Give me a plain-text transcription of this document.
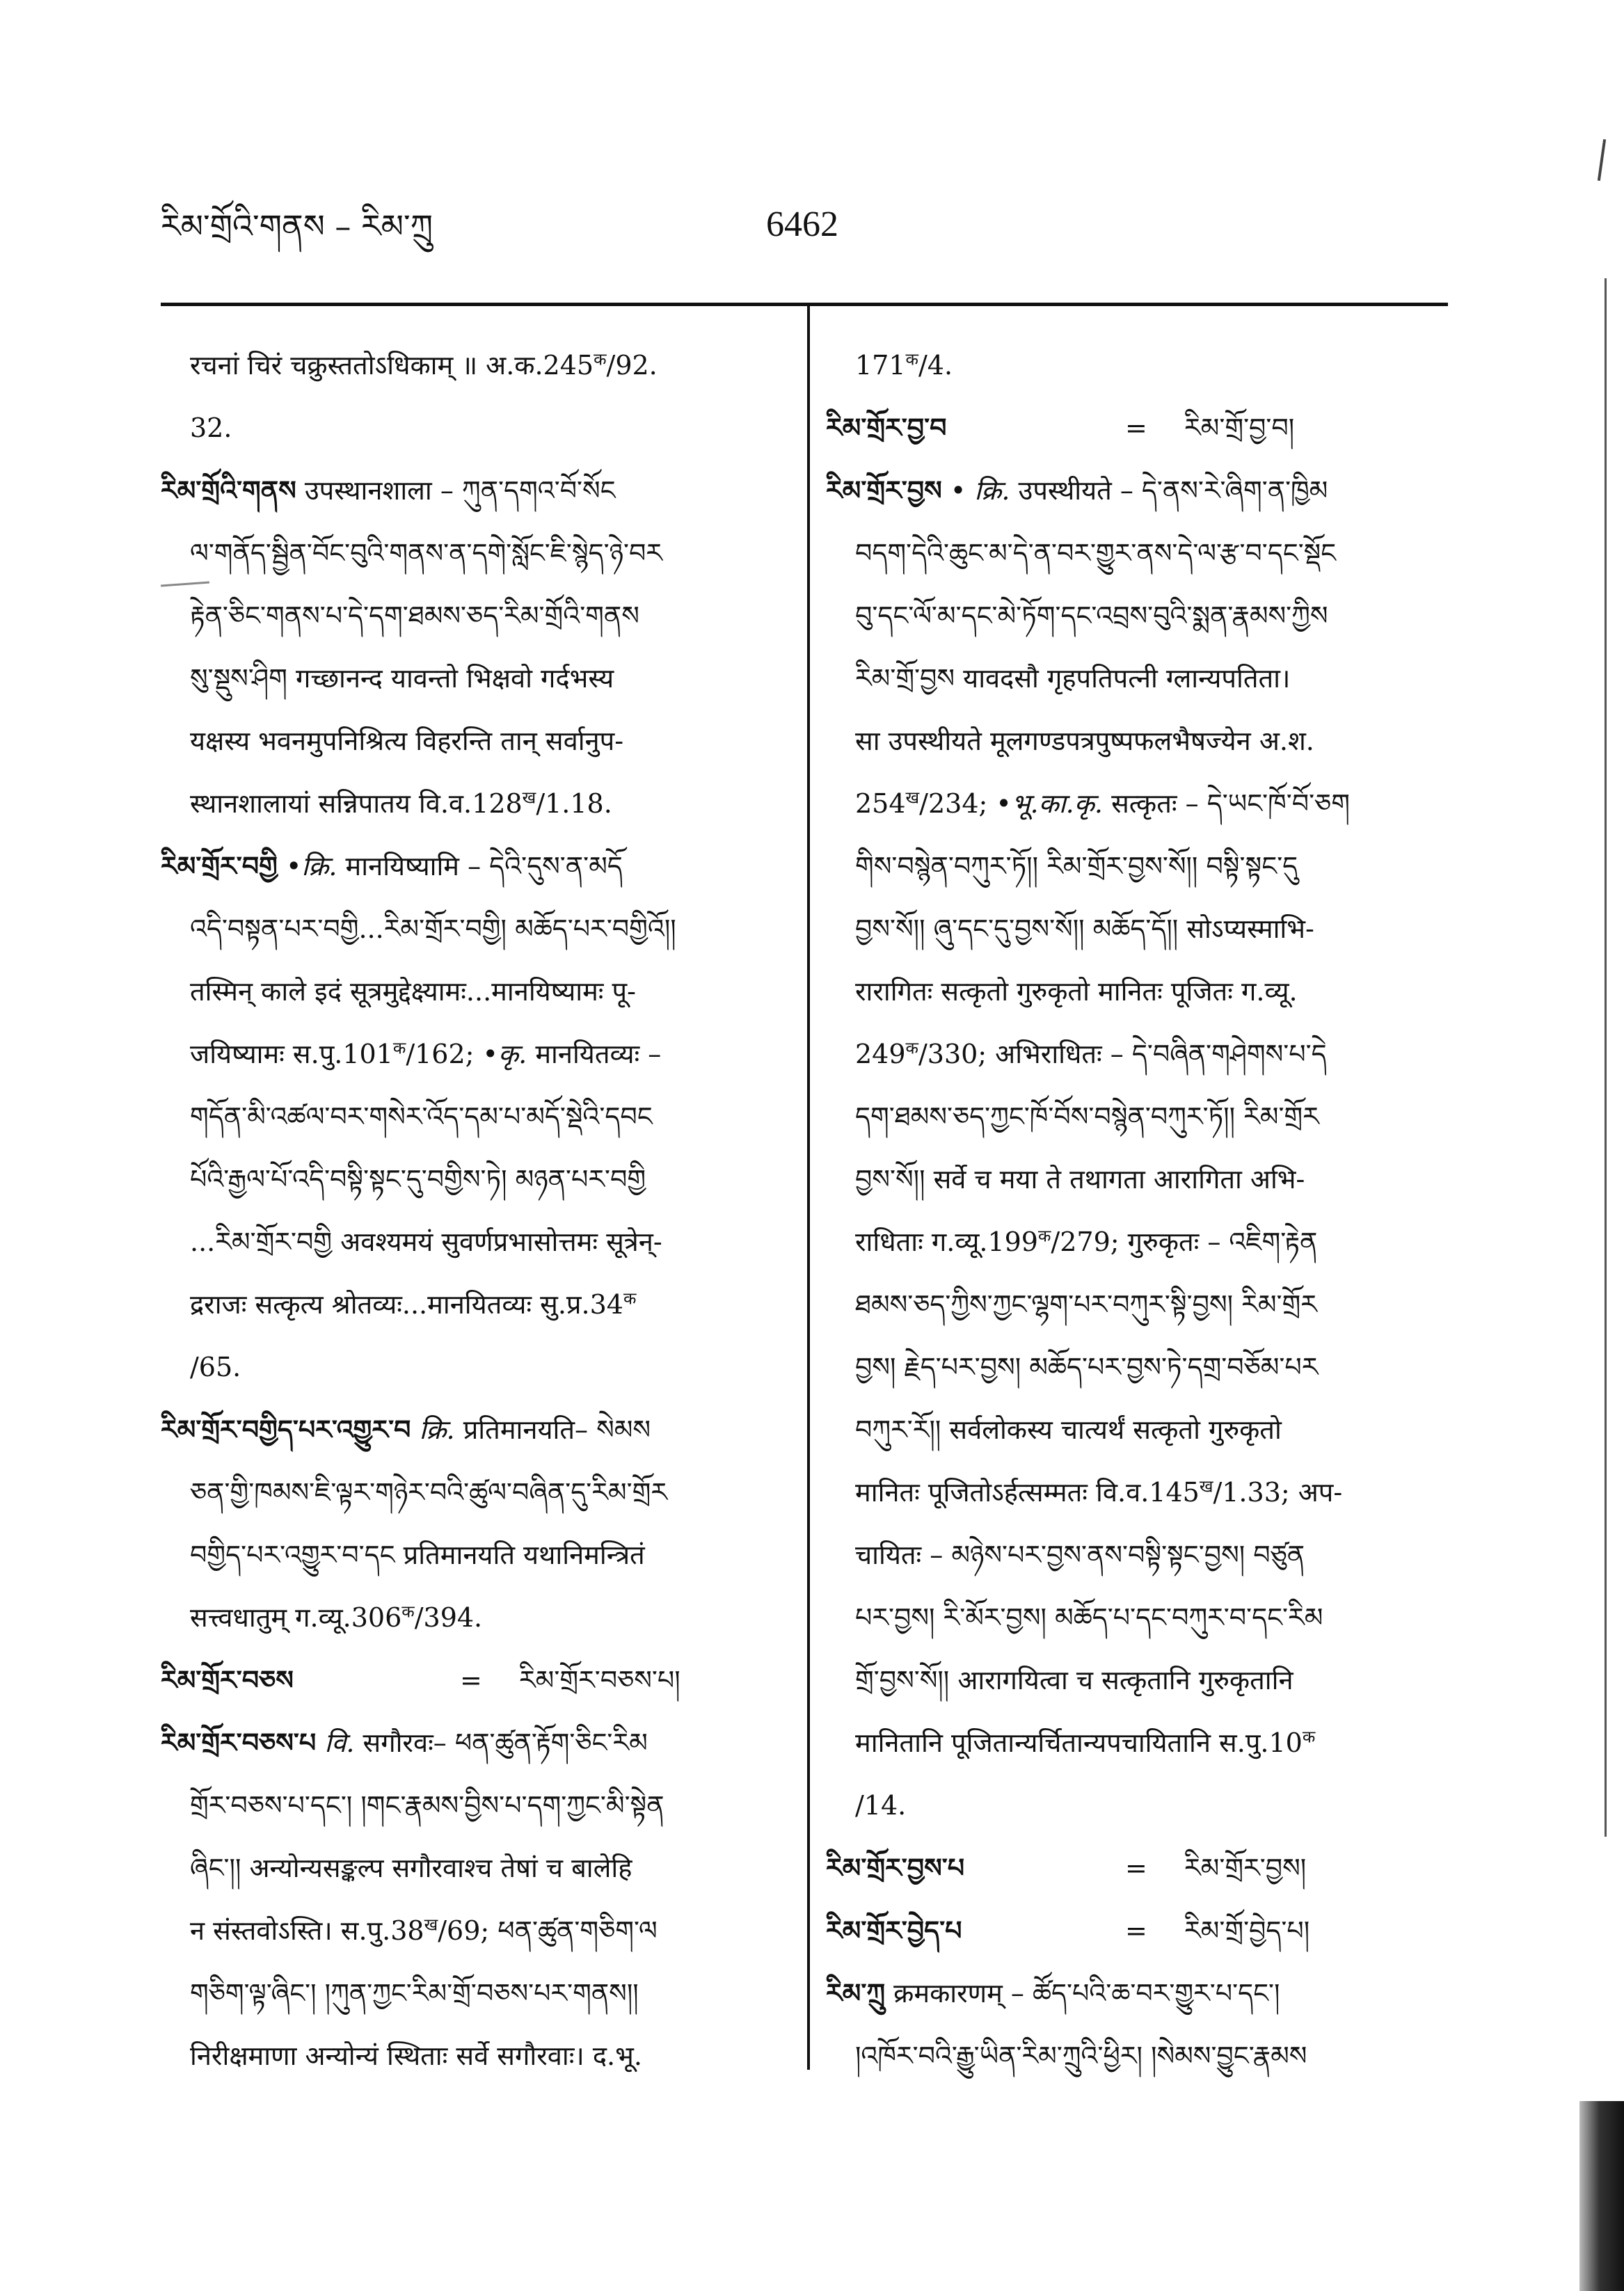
རིམ་གྲོའི་གནས – རིམ་ཀྲུ	6462
रचनां चिरं चक्रुस्ततोऽधिकाम् ॥ $अ.क.245^क/92$.
32.
རིམ་གྲོའི་གནས उपस्थानशाला – ཀུན་དགའ་བོ་སོང
ལ་གནོད་སྦྱིན་བོང་བུའི་གནས་ན་དགེ་སློང་ཇི་སྙེད་ཉེ་བར
རྟེན་ཅིང་གནས་པ་དེ་དག་ཐམས་ཅད་རིམ་གྲོའི་གནས
སུ་སྡུས་ཤིག गच्छानन्द यावन्तो भिक्षवो गर्दभस्य
यक्षस्य भवनमुपनिश्रित्य विहरन्ति तान् सर्वानुप-
स्थानशालायां सन्निपातय $वि.व.128^ख/1.18$.
རིམ་གྲོར་བགྱི •क्रि. मानयिष्यामि – དེའི་དུས་ན་མདོ
འདི་བསྟན་པར་བགྱི...རིམ་གྲོར་བགྱི། མཆོད་པར་བགྱིའོ།།
तस्मिन् काले इदं सूत्रमुद्देक्ष्यामः...मानयिष्यामः पू-
जयिष्यामः $स.पु.101^क/162$; •कृ. मानयितव्यः –
གདོན་མི་འཚལ་བར་གསེར་འོད་དམ་པ་མདོ་སྡེའི་དབང
པོའི་རྒྱལ་པོ་འདི་བསྟི་སྟང་དུ་བགྱིས་ཏེ། མཉན་པར་བགྱི
...རིམ་གྲོར་བགྱི अवश्यमयं सुवर्णप्रभासोत्तमः सूत्रेन्-
द्रराजः सत्कृत्य श्रोतव्यः...मानयितव्यः $सु.प्र.34^क$
/65.
རིམ་གྲོར་བགྱིད་པར་འགྱུར་བ क्रि. प्रतिमानयति– སེམས
ཅན་གྱི་ཁམས་ཇི་ལྟར་གཉེར་བའི་ཚུལ་བཞིན་དུ་རིམ་གྲོར
བགྱིད་པར་འགྱུར་བ་དང प्रतिमानयति यथानिमन्त्रितं
सत्त्वधातुम् $ग.व्यू.306^क/394$.
རིམ་གྲོར་བཅས	= རིམ་གྲོར་བཅས་པ།
རིམ་གྲོར་བཅས་པ वि. सगौरवः– ཕན་ཚུན་རྟོག་ཅིང་རིམ
གྲོར་བཅས་པ་དང་། །གང་རྣམས་བྱིས་པ་དག་ཀྱང་མི་སྟེན
ཞིང་།། अन्योन्यसङ्कल्प सगौरवाश्च तेषां च बालेहि
न संस्तवोऽस्ति। $स.पु.38^ख/69$; ཕན་ཚུན་གཅིག་ལ
གཅིག་ལྟ་ཞིང་། །ཀུན་ཀྱང་རིམ་གྲོ་བཅས་པར་གནས།།
निरीक्षमाणा अन्योन्यं स्थिताः सर्वे सगौरवाः। द.भू.
$171^क/4$.
རིམ་གྲོར་བྱ་བ	= རིམ་གྲོ་བྱ་བ།
རིམ་གྲོར་བྱས • क्रि. उपस्थीयते – དེ་ནས་རེ་ཞིག་ན་ཁྱིམ
བདག་དེའི་ཆུང་མ་དེ་ན་བར་གྱུར་ནས་དེ་ལ་རྩ་བ་དང་སྡོང
བུ་དང་ལོ་མ་དང་མེ་ཏོག་དང་འབྲས་བུའི་སྨན་རྣམས་ཀྱིས
རིམ་གྲོ་བྱས यावदसौ गृहपतिपत्नी ग्लान्यपतिता।
सा उपस्थीयते मूलगण्डपत्रपुष्पफलभैषज्येन अ.श.
$254^ख/234$; •भू.का.कृ. सत्कृतः – དེ་ཡང་ཁོ་བོ་ཅག
གིས་བསྙེན་བཀུར་ཏོ།། རིམ་གྲོར་བྱས་སོ།། བསྟི་སྟང་དུ
བྱས་སོ།། ཞུ་དང་དུ་བྱས་སོ།། མཆོད་དོ།། सोऽप्यस्माभि-
रारागितः सत्कृतो गुरुकृतो मानितः पूजितः ग.व्यू.
$249^क/330$; अभिराधितः – དེ་བཞིན་གཤེགས་པ་དེ
དག་ཐམས་ཅད་ཀྱང་ཁོ་བོས་བསྙེན་བཀུར་ཏོ།། རིམ་གྲོར
བྱས་སོ།། सर्वे च मया ते तथागता आरागिता अभि-
राधिताः $ग.व्यू.199^क/279$; गुरुकृतः – འཇིག་རྟེན
ཐམས་ཅད་ཀྱིས་ཀྱང་ལྷག་པར་བཀུར་སྟི་བྱས། རིམ་གྲོར
བྱས། རྗེད་པར་བྱས། མཆོད་པར་བྱས་ཏེ་དགྲ་བཅོམ་པར
བཀུར་རོ།། सर्वलोकस्य चात्यर्थं सत्कृतो गुरुकृतो
मानितः पूजितोऽर्हत्सम्मतः $वि.व.145^ख/1.33$; अप-
चायितः – མཉེས་པར་བྱས་ནས་བསྟི་སྟང་བྱས། བཙུན
པར་བྱས། རི་མོར་བྱས། མཆོད་པ་དང་བཀུར་བ་དང་རིམ
གྲོ་བྱས་སོ།། आरागयित्वा च सत्कृतानि गुरुकृतानि
मानितानि पूजितान्यर्चितान्यपचायितानि $स.पु.10^क$
/14.
རིམ་གྲོར་བྱས་པ	= རིམ་གྲོར་བྱས།
རིམ་གྲོར་བྱེད་པ	= རིམ་གྲོ་བྱེད་པ།
རིམ་ཀྲུ क्रमकारणम् – ཚོད་པའི་ཆ་བར་གྱུར་པ་དང་།
།འཁོར་བའི་རྒྱུ་ཡིན་རིམ་ཀྲུའི་ཕྱིར། །སེམས་བྱུང་རྣམས
